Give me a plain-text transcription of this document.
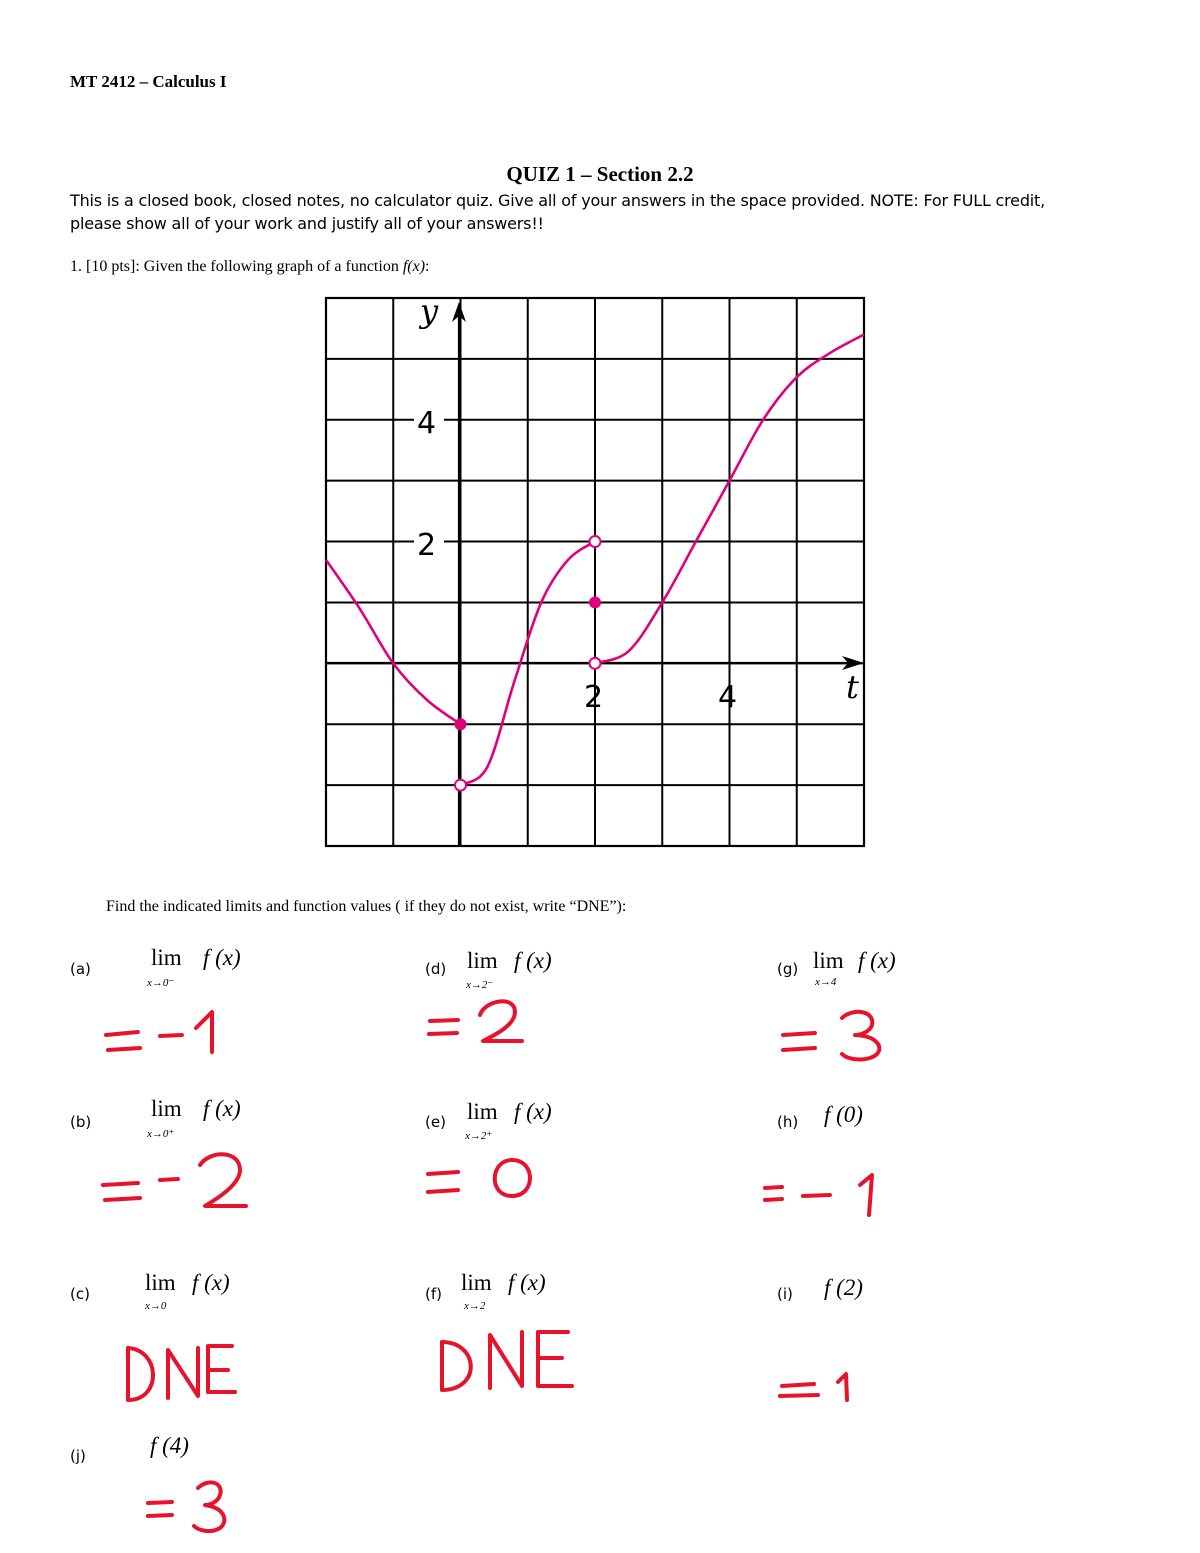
MT 2412 – Calculus I
QUIZ 1 – Section 2.2
This is a closed book, closed notes, no calculator quiz. Give all of your answers in the space provided. NOTE: For FULL credit,
please show all of your work and justify all of your answers!!
1. [10 pts]: Given the following graph of a function f(x):
y
t
4
2
2	4
Find the indicated limits and function values ( if they do not exist, write “DNE”):
(a)	lim
x→0⁻
f (x)
(b)
lim
x→0⁺
f (x)
(c) lim
x→0
f (x)
(d) lim
x→2⁻
f (x)
(e) lim
x→2⁺
f (x)
(f) lim
x→2
f (x)
(g) lim
x→4
f (x)
(h) f (0)
(i) f (2)
(j)	f (4)
